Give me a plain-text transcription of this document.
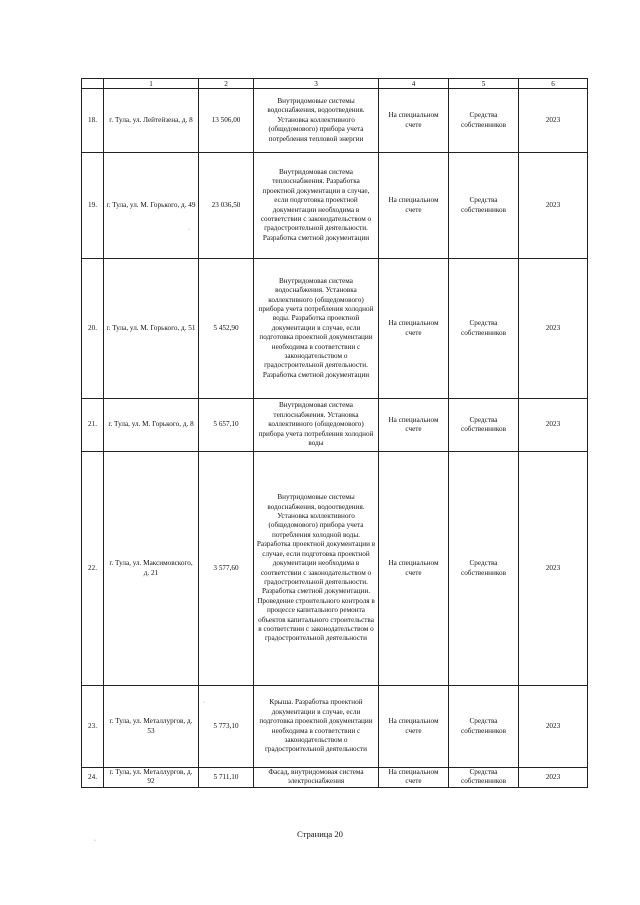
	1	2	3	4	5	6
18.	г. Тула, ул. Лейтейзена, д. 8	13 506,00	Внутридомовые системы водоснабжения, водоотведения. Установка коллективного (общедомового) прибора учета потребления тепловой энергии	На специальном счете	Средства собственников	2023
19.	г. Тула, ул. М. Горького, д. 49	23 036,50	Внутридомовая система теплоснабжения. Разработка проектной документации в случае, если подготовка проектной документации необходима в соответствии с законодательством о градостроительной деятельности. Разработка сметной документации	На специальном счете	Средства собственников	2023
20.	г. Тула, ул. М. Горького, д. 51	5 452,90	Внутридомовая система водоснабжения. Установка коллективного (общедомового) прибора учета потребления холодной воды. Разработка проектной документации в случае, если подготовка проектной документации необходима в соответствии с законодательством о градостроительной деятельности. Разработка сметной документации	На специальном счете	Средства собственников	2023
21.	г. Тула, ул. М. Горького, д. 8	5 657,10	Внутридомовая система теплоснабжения. Установка коллективного (общедомового) прибора учета потребления холодной воды	На специальном счете	Средства собственников	2023
22.	г. Тула, ул. Максимовского, д. 21	3 577,60	Внутридомовые системы водоснабжения, водоотведения. Установка коллективного (общедомового) прибора учета потребления холодной воды. Разработка проектной документации в случае, если подготовка проектной документации необходима в соответствии с законодательством о градостроительной деятельности. Разработка сметной документации. Проведение строительного контроля в процессе капитального ремонта объектов капитального строительства в соответствии с законодательством о градостроительной деятельности	На специальном счете	Средства собственников	2023
23.	г. Тула, ул. Металлургов, д. 53	5 773,10	Крыша. Разработка проектной документации в случае, если подготовка проектной документации необходима в соответствии с законодательством о градостроительной деятельности	На специальном счете	Средства собственников	2023
24.	г. Тула, ул. Металлургов, д. 92	5 711,10	Фасад, внутридомовая система электроснабжения	На специальном счете	Средства собственников	2023
·
·
·
Страница 20
